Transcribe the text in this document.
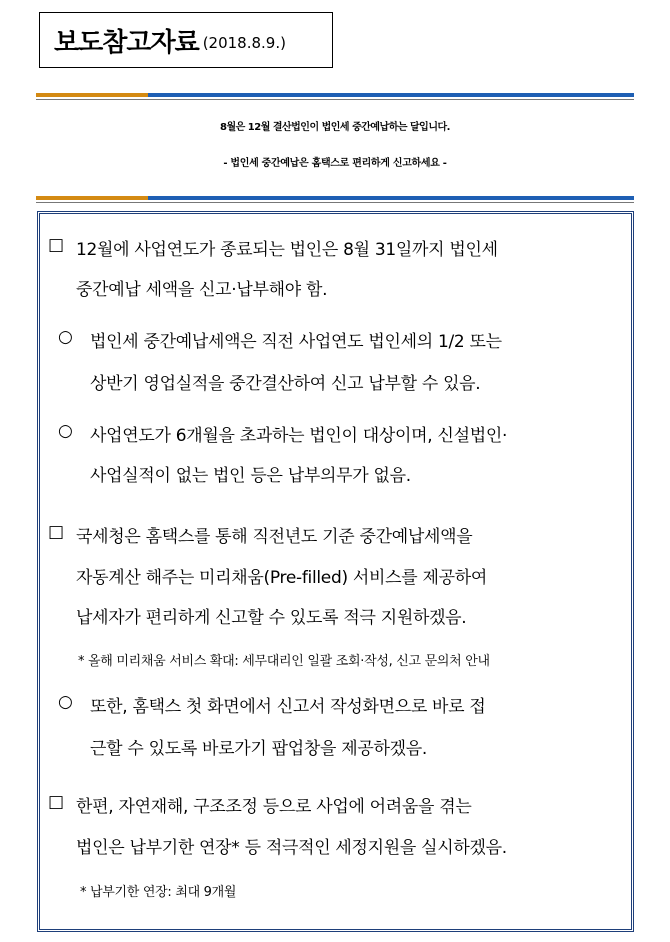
보도참고자료 (2018.8.9.)
8월은 12월 결산법인이 법인세 중간예납하는 달입니다.
- 법인세 중간예납은 홈택스로 편리하게 신고하세요 -
□ 12월에 사업연도가 종료되는 법인은 8월 31일까지 법인세
중간예납 세액을 신고·납부해야 함.
○ 법인세 중간예납세액은 직전 사업연도 법인세의 1/2 또는
상반기 영업실적을 중간결산하여 신고 납부할 수 있음.
○ 사업연도가 6개월을 초과하는 법인이 대상이며, 신설법인·
사업실적이 없는 법인 등은 납부의무가 없음.
□ 국세청은 홈택스를 통해 직전년도 기준 중간예납세액을
자동계산 해주는 미리채움(Pre-filled) 서비스를 제공하여
납세자가 편리하게 신고할 수 있도록 적극 지원하겠음.
* 올해 미리채움 서비스 확대: 세무대리인 일괄 조회·작성, 신고 문의처 안내
○ 또한, 홈택스 첫 화면에서 신고서 작성화면으로 바로 접
근할 수 있도록 바로가기 팝업창을 제공하겠음.
□ 한편, 자연재해, 구조조정 등으로 사업에 어려움을 겪는
법인은 납부기한 연장* 등 적극적인 세정지원을 실시하겠음.
* 납부기한 연장: 최대 9개월
